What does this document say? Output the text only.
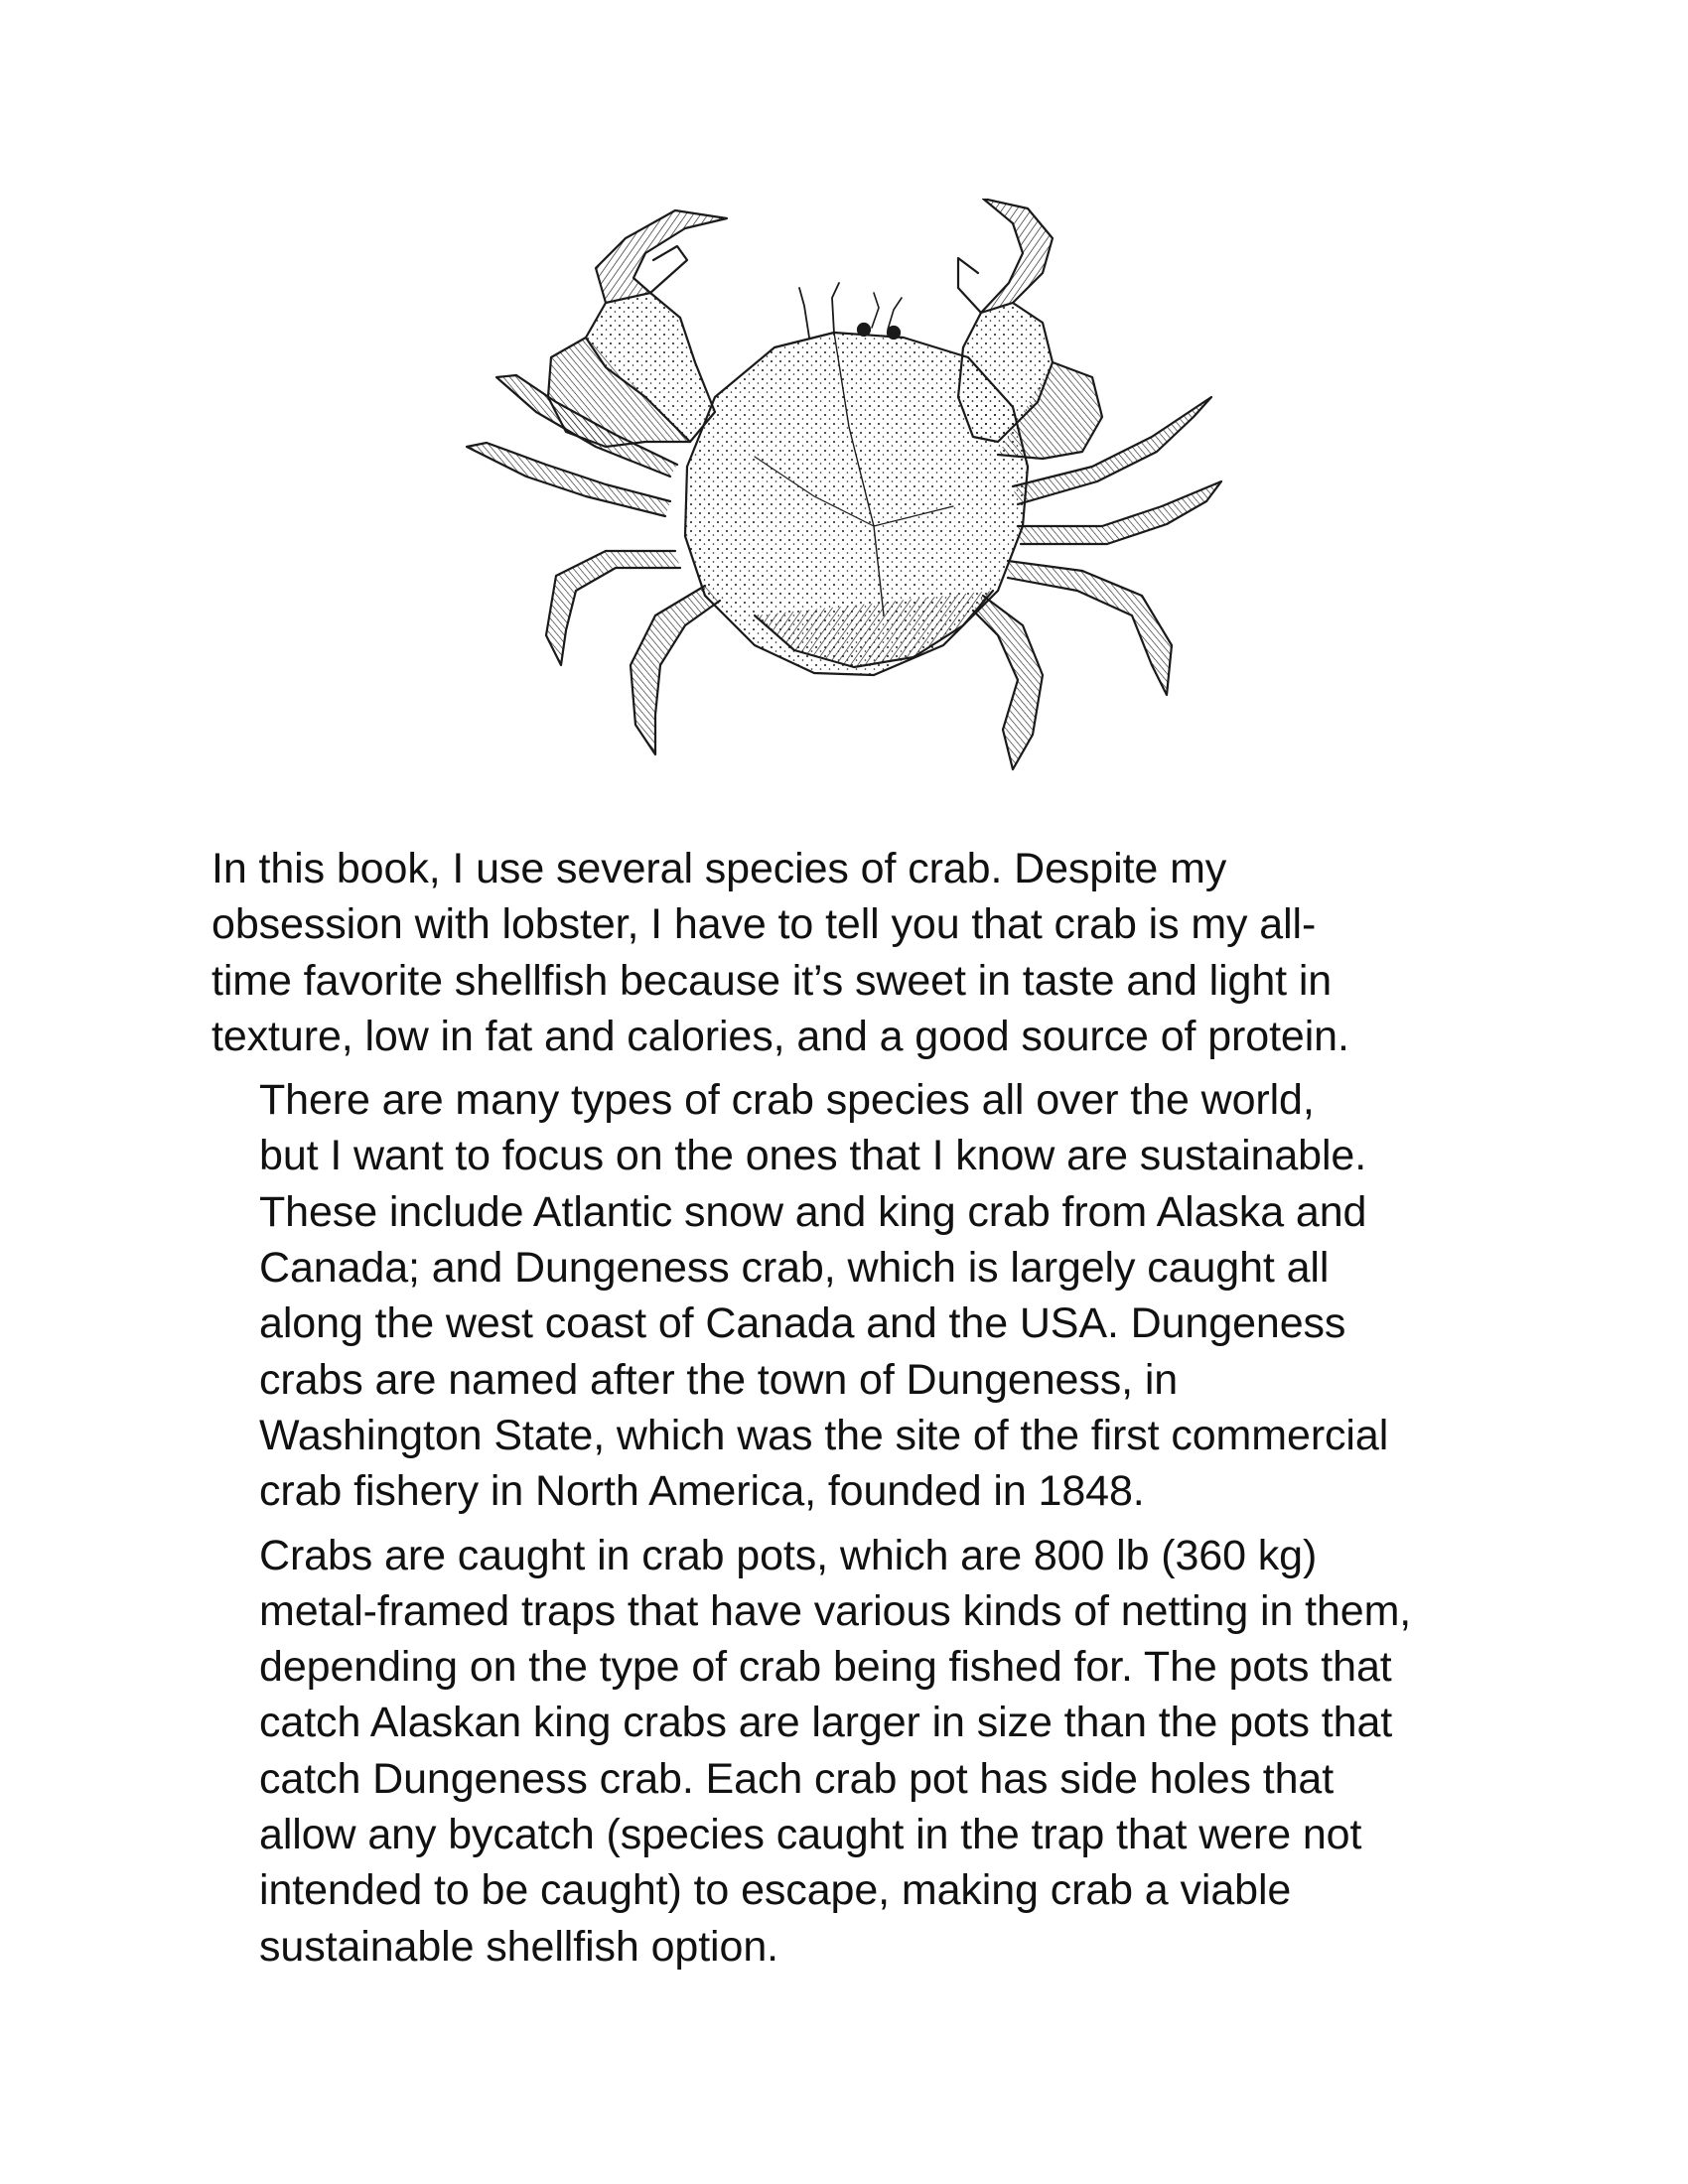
In this book, I use several species of crab. Despite my
obsession with lobster, I have to tell you that crab is my all-
time favorite shellfish because it’s sweet in taste and light in
texture, low in fat and calories, and a good source of protein.

There are many types of crab species all over the world,
but I want to focus on the ones that I know are sustainable.
These include Atlantic snow and king crab from Alaska and
Canada; and Dungeness crab, which is largely caught all
along the west coast of Canada and the USA. Dungeness
crabs are named after the town of Dungeness, in
Washington State, which was the site of the first commercial
crab fishery in North America, founded in 1848.

Crabs are caught in crab pots, which are 800 lb (360 kg)
metal-framed traps that have various kinds of netting in them,
depending on the type of crab being fished for. The pots that
catch Alaskan king crabs are larger in size than the pots that
catch Dungeness crab. Each crab pot has side holes that
allow any bycatch (species caught in the trap that were not
intended to be caught) to escape, making crab a viable
sustainable shellfish option.
